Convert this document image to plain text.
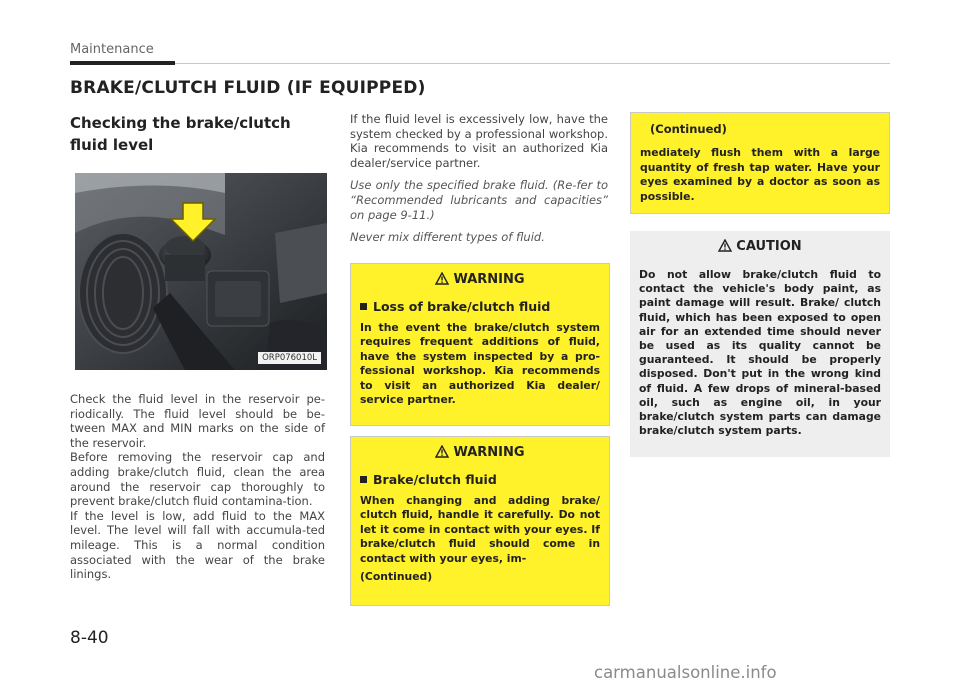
Maintenance
BRAKE/CLUTCH FLUID (IF EQUIPPED)
Checking the brake/clutch fluid level
ORP076010L

Check the fluid level in the reservoir pe-riodically. The fluid level should be be-tween MAX and MIN marks on the side of the reservoir.

Before removing the reservoir cap and adding brake/clutch fluid, clean the area around the reservoir cap thoroughly to prevent brake/clutch fluid contamina-tion.

If the level is low, add fluid to the MAX level. The level will fall with accumula-ted mileage. This is a normal condition associated with the wear of the brake linings.

If the fluid level is excessively low, have the system checked by a professional workshop. Kia recommends to visit an authorized Kia dealer/service partner.

Use only the specified brake fluid. (Re-fer to “Recommended lubricants and capacities” on page 9-11.)

Never mix different types of fluid.

WARNING
Loss of brake/clutch fluid
In the event the brake/clutch system requires frequent additions of fluid, have the system inspected by a pro-fessional workshop. Kia recommends to visit an authorized Kia dealer/ service partner.
WARNING
Brake/clutch fluid
When changing and adding brake/ clutch fluid, handle it carefully. Do not let it come in contact with your eyes. If brake/clutch fluid should come in contact with your eyes, im-
(Continued)
(Continued)
mediately flush them with a large quantity of fresh tap water. Have your eyes examined by a doctor as soon as possible.
CAUTION
Do not allow brake/clutch fluid to contact the vehicle's body paint, as paint damage will result. Brake/ clutch fluid, which has been exposed to open air for an extended time should never be used as its quality cannot be guaranteed. It should be properly disposed. Don't put in the wrong kind of fluid. A few drops of mineral-based oil, such as engine oil, in your brake/clutch system parts can damage brake/clutch system parts.
8-40
carmanualsonline.info
